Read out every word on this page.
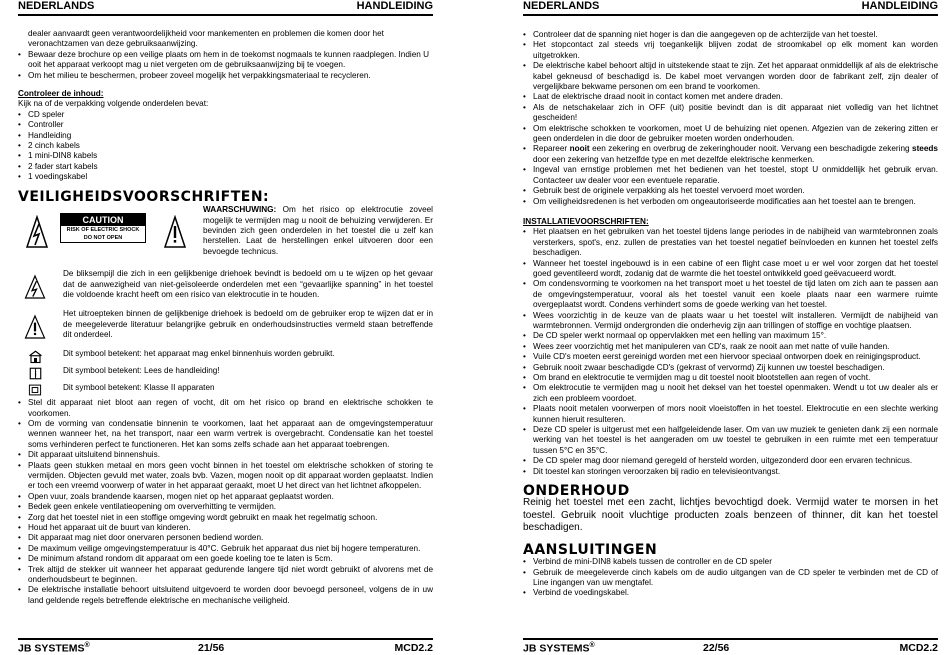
NEDERLANDS	HANDLEIDING

dealer aanvaardt geen verantwoordelijkheid voor mankementen en problemen die komen door het veronachtzamen van deze gebruiksaanwijzing.

• Bewaar deze brochure op een veilige plaats om hem in de toekomst nogmaals te kunnen raadplegen. Indien U ooit het apparaat verkoopt mag u niet vergeten om de gebruiksaanwijzing bij te voegen.
• Om het milieu te beschermen, probeer zoveel mogelijk het verpakkingsmateriaal te recycleren.

Controleer de inhoud:

Kijk na of de verpakking volgende onderdelen bevat:

• CD speler
• Controller
• Handleiding
• 2 cinch kabels
• 1 mini-DIN8 kabels
• 2 fader start kabels
• 1 voedingskabel
VEILIGHEIDSVOORSCHRIFTEN:
CAUTION
RISK OF ELECTRIC SHOCK
DO NOT OPEN

WAARSCHUWING: Om het risico op elektrocutie zoveel mogelijk te vermijden mag u nooit de behuizing verwijderen. Er bevinden zich geen onderdelen in het toestel die u zelf kan herstellen. Laat de herstellingen enkel uitvoeren door een bevoegde technicus.

De bliksempijl die zich in een gelijkbenige driehoek bevindt is bedoeld om u te wijzen op het gevaar dat de aanwezigheid van niet-geïsoleerde onderdelen met een “gevaarlijke spanning” in het toestel die voldoende kracht heeft om een risico van elektrocutie in te houden.

Het uitroepteken binnen de gelijkbenige driehoek is bedoeld om de gebruiker erop te wijzen dat er in de meegeleverde literatuur belangrijke gebruik en onderhoudsinstructies vermeld staan betreffende dit onderdeel.

Dit symbool betekent: het apparaat mag enkel binnenhuis worden gebruikt.

i	Dit symbool betekent: Lees de handleiding!

Dit symbool betekent: Klasse II apparaten

• Stel dit apparaat niet bloot aan regen of vocht, dit om het risico op brand en elektrische schokken te voorkomen.
• Om de vorming van condensatie binnenin te voorkomen, laat het apparaat aan de omgevingstemperatuur wennen wanneer het, na het transport, naar een warm vertrek is overgebracht. Condensatie kan het toestel soms verhinderen perfect te functioneren. Het kan soms zelfs schade aan het apparaat toebrengen.
• Dit apparaat uitsluitend binnenshuis.
• Plaats geen stukken metaal en mors geen vocht binnen in het toestel om elektrische schokken of storing te vermijden. Objecten gevuld met water, zoals bvb. Vazen, mogen nooit op dit apparaat worden geplaatst. Indien er toch een vreemd voorwerp of water in het apparaat geraakt, moet U het direct van het lichtnet afkoppelen.
• Open vuur, zoals brandende kaarsen, mogen niet op het apparaat geplaatst worden.
• Bedek geen enkele ventilatieopening om oververhitting te vermijden.
• Zorg dat het toestel niet in een stoffige omgeving wordt gebruikt en maak het regelmatig schoon.
• Houd het apparaat uit de buurt van kinderen.
• Dit apparaat mag niet door onervaren personen bediend worden.
• De maximum veilige omgevingstemperatuur is 40°C. Gebruik het apparaat dus niet bij hogere temperaturen.
• De minimum afstand rondom dit apparaat om een goede koeling toe te laten is 5cm.
• Trek altijd de stekker uit wanneer het apparaat gedurende langere tijd niet wordt gebruikt of alvorens met de onderhoudsbeurt te beginnen.
• De elektrische installatie behoort uitsluitend uitgevoerd te worden door bevoegd personeel, volgens de in uw land geldende regels betreffende elektrische en mechanische veiligheid.
JB SYSTEMS®	21/56	MCD2.2
NEDERLANDS	HANDLEIDING
• Controleer dat de spanning niet hoger is dan die aangegeven op de achterzijde van het toestel.
• Het stopcontact zal steeds vrij toegankelijk blijven zodat de stroomkabel op elk moment kan worden uitgetrokken.
• De elektrische kabel behoort altijd in uitstekende staat te zijn. Zet het apparaat onmiddellijk af als de elektrische kabel gekneusd of beschadigd is. De kabel moet vervangen worden door de fabrikant zelf, zijn dealer of vergelijkbare bekwame personen om een brand te voorkomen.
• Laat de elektrische draad nooit in contact komen met andere draden.
• Als de netschakelaar zich in OFF (uit) positie bevindt dan is dit apparaat niet volledig van het lichtnet gescheiden!
• Om elektrische schokken te voorkomen, moet U de behuizing niet openen. Afgezien van de zekering zitten er geen onderdelen in die door de gebruiker moeten worden onderhouden.
• Repareer nooit een zekering en overbrug de zekeringhouder nooit. Vervang een beschadigde zekering steeds door een zekering van hetzelfde type en met dezelfde elektrische kenmerken.
• Ingeval van ernstige problemen met het bedienen van het toestel, stopt U onmiddellijk het gebruik ervan. Contacteer uw dealer voor een eventuele reparatie.
• Gebruik best de originele verpakking als het toestel vervoerd moet worden.
• Om veiligheidsredenen is het verboden om ongeautoriseerde modificaties aan het toestel aan te brengen.

INSTALLATIEVOORSCHRIFTEN:

• Het plaatsen en het gebruiken van het toestel tijdens lange periodes in de nabijheid van warmtebronnen zoals versterkers, spot's, enz. zullen de prestaties van het toestel negatief beïnvloeden en kunnen het toestel zelfs beschadigen.
• Wanneer het toestel ingebouwd is in een cabine of een flight case moet u er wel voor zorgen dat het toestel goed geventileerd wordt, zodanig dat de warmte die het toestel ontwikkeld goed geëvacueerd wordt.
• Om condensvorming te voorkomen na het transport moet u het toestel de tijd laten om zich aan te passen aan de omgevingstemperatuur, vooral als het toestel vanuit een koele plaats naar een warmere ruimte overgeplaatst wordt. Condens verhindert soms de goede werking van het toestel.
• Wees voorzichtig in de keuze van de plaats waar u het toestel wilt installeren. Vermijdt de nabijheid van warmtebronnen. Vermijd ondergronden die onderhevig zijn aan trillingen of stoffige en vochtige plaatsen.
• De CD speler werkt normaal op oppervlakken met een helling van maximum 15°.
• Wees zeer voorzichtig met het manipuleren van CD's, raak ze nooit aan met natte of vuile handen.
• Vuile CD's moeten eerst gereinigd worden met een hiervoor speciaal ontworpen doek en reinigingsproduct.
• Gebruik nooit zwaar beschadigde CD's (gekrast of vervormd) Zij kunnen uw toestel beschadigen.
• Om brand en elektrocutie te vermijden mag u dit toestel nooit blootstellen aan regen of vocht.
• Om elektrocutie te vermijden mag u nooit het deksel van het toestel openmaken. Wendt u tot uw dealer als er zich een probleem voordoet.
• Plaats nooit metalen voorwerpen of mors nooit vloeistoffen in het toestel. Elektrocutie en een slechte werking kunnen hieruit resulteren.
• Deze CD speler is uitgerust met een halfgeleidende laser. Om van uw muziek te genieten dank zij een normale werking van het toestel is het aangeraden om uw toestel te gebruiken in een ruimte met een temperatuur tussen 5°C en 35°C.
• De CD speler mag door niemand geregeld of hersteld worden, uitgezonderd door een ervaren technicus.
• Dit toestel kan storingen veroorzaken bij radio en televisieontvangst.
ONDERHOUD

Reinig het toestel met een zacht, lichtjes bevochtigd doek. Vermijd water te morsen in het toestel. Gebruik nooit vluchtige producten zoals benzeen of thinner, dit kan het toestel beschadigen.

AANSLUITINGEN
• Verbind de mini-DIN8 kabels tussen de controller en de CD speler
• Gebruik de meegeleverde cinch kabels om de audio uitgangen van de CD speler te verbinden met de CD of Line ingangen van uw mengtafel.
• Verbind de voedingskabel.
JB SYSTEMS®	22/56	MCD2.2
